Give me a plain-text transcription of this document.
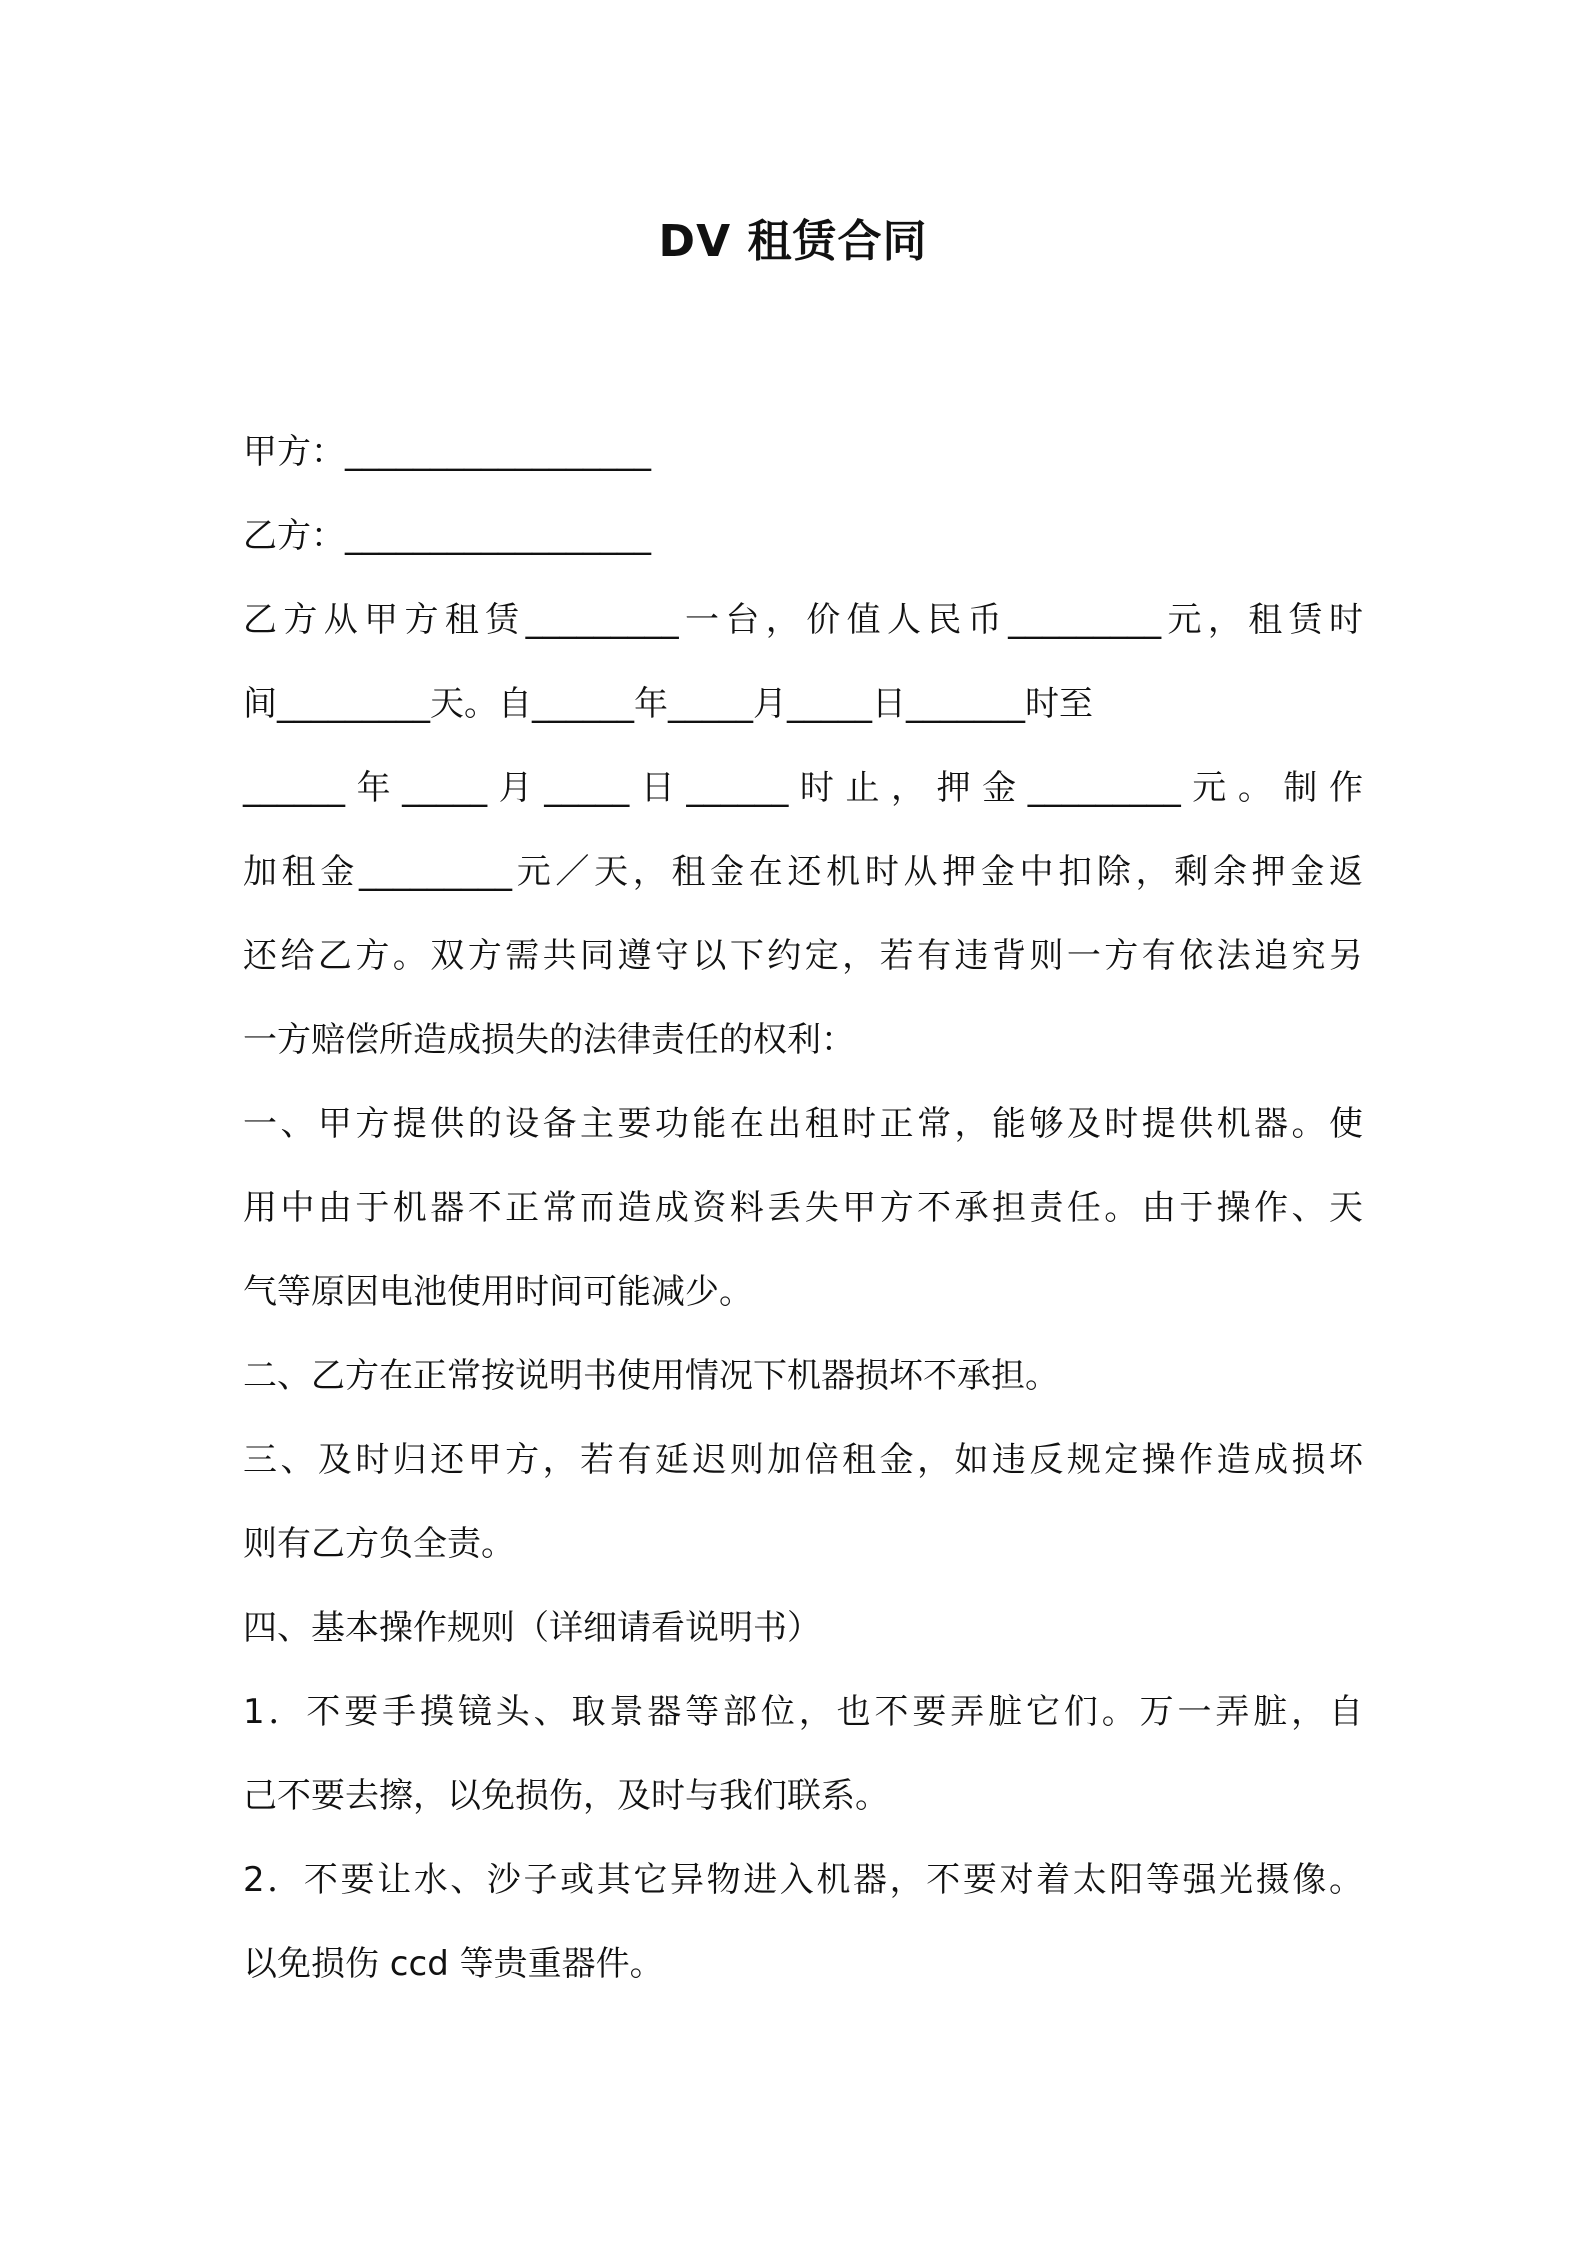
DV 租赁合同
甲方：__________________
乙方：__________________
乙方从甲方租赁_________一台，价值人民币_________元，租赁时
间_________天。自______年_____月_____日_______时至
______年_____月_____日______时止，押金_________元。制作
加租金_________元／天，租金在还机时从押金中扣除，剩余押金返
还给乙方。双方需共同遵守以下约定，若有违背则一方有依法追究另
一方赔偿所造成损失的法律责任的权利：
一、甲方提供的设备主要功能在出租时正常，能够及时提供机器。使
用中由于机器不正常而造成资料丢失甲方不承担责任。由于操作、天
气等原因电池使用时间可能减少。
二、乙方在正常按说明书使用情况下机器损坏不承担。
三、及时归还甲方，若有延迟则加倍租金，如违反规定操作造成损坏
则有乙方负全责。
四、基本操作规则（详细请看说明书）
1．不要手摸镜头、取景器等部位，也不要弄脏它们。万一弄脏，自
己不要去擦，以免损伤，及时与我们联系。
2．不要让水、沙子或其它异物进入机器，不要对着太阳等强光摄像。
以免损伤 ccd 等贵重器件。
